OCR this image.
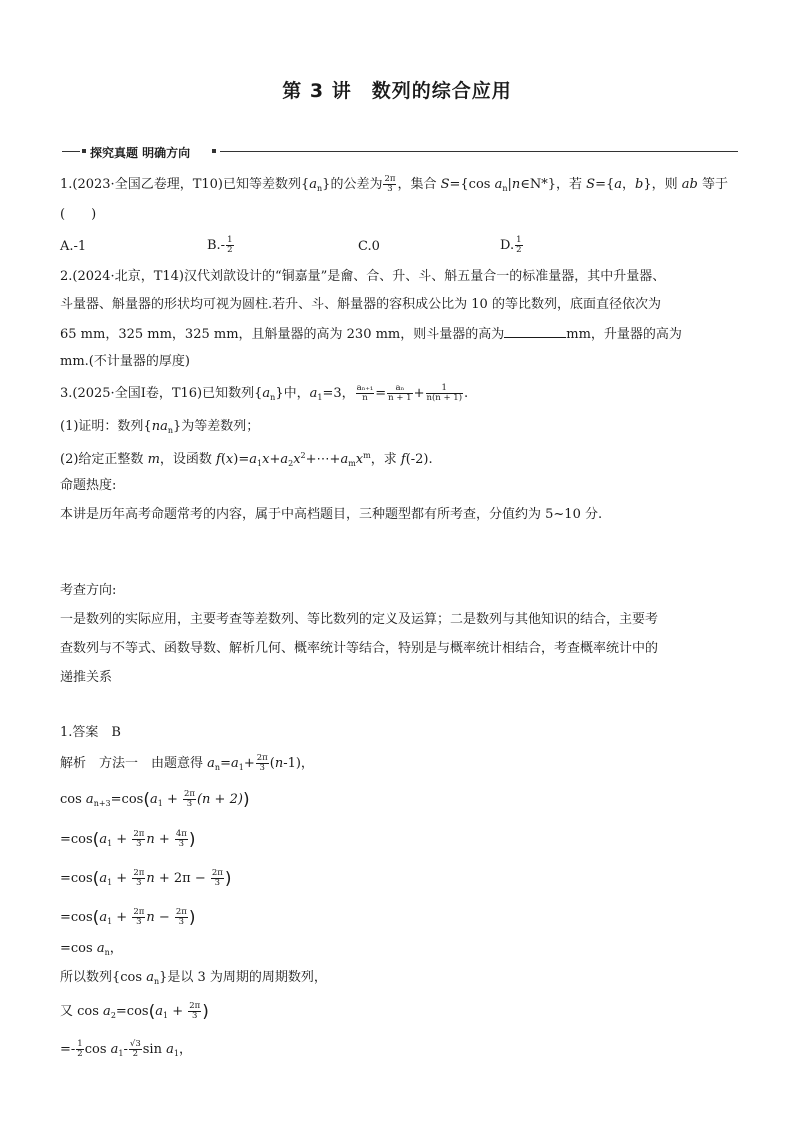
第 3 讲　数列的综合应用
探究真题 明确方向
1.(2023·全国乙卷理，T10)已知等差数列$\{a_n\}$的公差为 $\frac{2\pi}{3}$ ，集合 S={cos $a_n|n\in N*$}，若 S={a，b}，则 ab 等于
(　　)
A.-1	$B.- \frac{1}{2}$	C.0	D. $\frac{1}{2}$
2.(2024·北京，T14)汉代刘歆设计的“铜嘉量”是龠、合、升、斗、斛五量合一的标准量器，其中升量器、
斗量器、斛量器的形状均可视为圆柱.若升、斗、斛量器的容积成公比为 10 的等比数列，底面直径依次为
65 mm，325 mm，325 mm，且斛量器的高为 230 mm，则斗量器的高为	mm，升量器的高为
mm.(不计量器的厚度)
3.(2025·全国Ⅰ卷，T16)已知数列$\{a_n\}$中，$a_1=3$， $\frac{\text{aₙ₊₁}}{n} = \frac{\text{aₙ}}{n + 1} + \frac{1}{n(n + 1)}$ .
(1)证明：数列$\{na_n\}$为等差数列；
(2)给定正整数 m，设函数 $f(x)=a_1x+a_2x^2+\cdots+a_mx^m$，求 f(-2).
命题热度:
本讲是历年高考命题常考的内容，属于中高档题目，三种题型都有所考查，分值约为 5~10 分.
考查方向:
一是数列的实际应用，主要考查等差数列、等比数列的定义及运算；二是数列与其他知识的结合，主要考
查数列与不等式、函数导数、解析几何、概率统计等结合，特别是与概率统计相结合，考查概率统计中的
递推关系
1.答案　B
解析　方法一　由题意得 $a_n=a_1+ \frac{2\pi}{3} (n-1)$，
$\cos a_{n+3}=\cos(a_1 + \frac{2\pi}{3} (n + 2))$
$=\cos(a_1 + \frac{2\pi}{3}$ $n + \frac{4\pi}{3}$ )
$=\cos(a_1 + \frac{2\pi}{3}$ $n + 2\pi - \frac{2\pi}{3}$ )
$=\cos(a_1 + \frac{2\pi}{3}$ $n - \frac{2\pi}{3}$ )
=cos $a_n$，
所以数列{cos $a_n$}是以 3 为周期的周期数列，
又 $\cos a_2=\cos(a_1 + \frac{2\pi}{3}$ )
=- $\frac{1}{2}$ $\cos a_1- \frac{√3}{2}$ $\sin a_1$，
